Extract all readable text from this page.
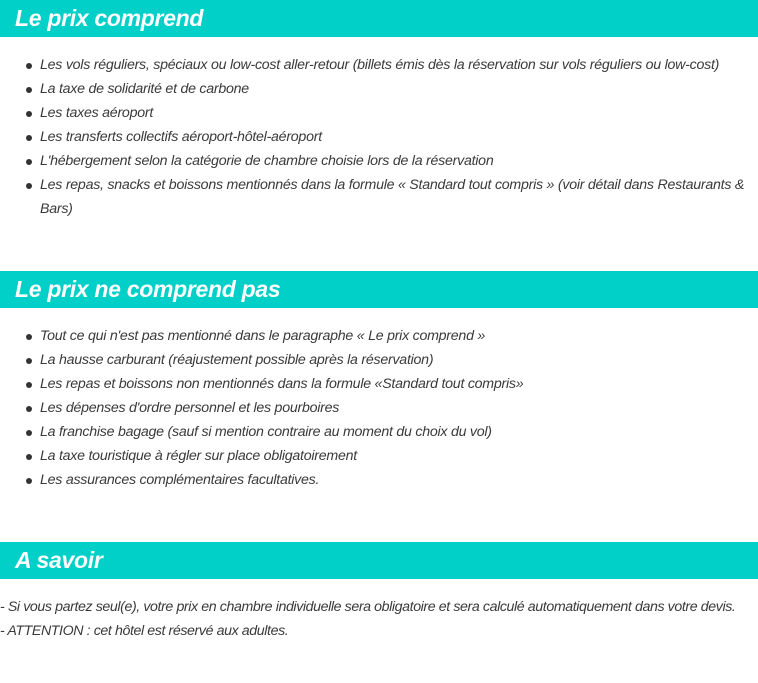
Le prix comprend
Les vols réguliers, spéciaux ou low-cost aller-retour (billets émis dès la réservation sur vols réguliers ou low-cost)
La taxe de solidarité et de carbone
Les taxes aéroport
Les transferts collectifs aéroport-hôtel-aéroport
L'hébergement selon la catégorie de chambre choisie lors de la réservation
Les repas, snacks et boissons mentionnés dans la formule « Standard tout compris » (voir détail dans Restaurants & Bars)
Le prix ne comprend pas
Tout ce qui n'est pas mentionné dans le paragraphe « Le prix comprend »
La hausse carburant (réajustement possible après la réservation)
Les repas et boissons non mentionnés dans la formule «Standard tout compris»
Les dépenses d'ordre personnel et les pourboires
La franchise bagage (sauf si mention contraire au moment du choix du vol)
La taxe touristique à régler sur place obligatoirement
Les assurances complémentaires facultatives.
A savoir

- Si vous partez seul(e), votre prix en chambre individuelle sera obligatoire et sera calculé automatiquement dans votre devis.

- ATTENTION : cet hôtel est réservé aux adultes.
